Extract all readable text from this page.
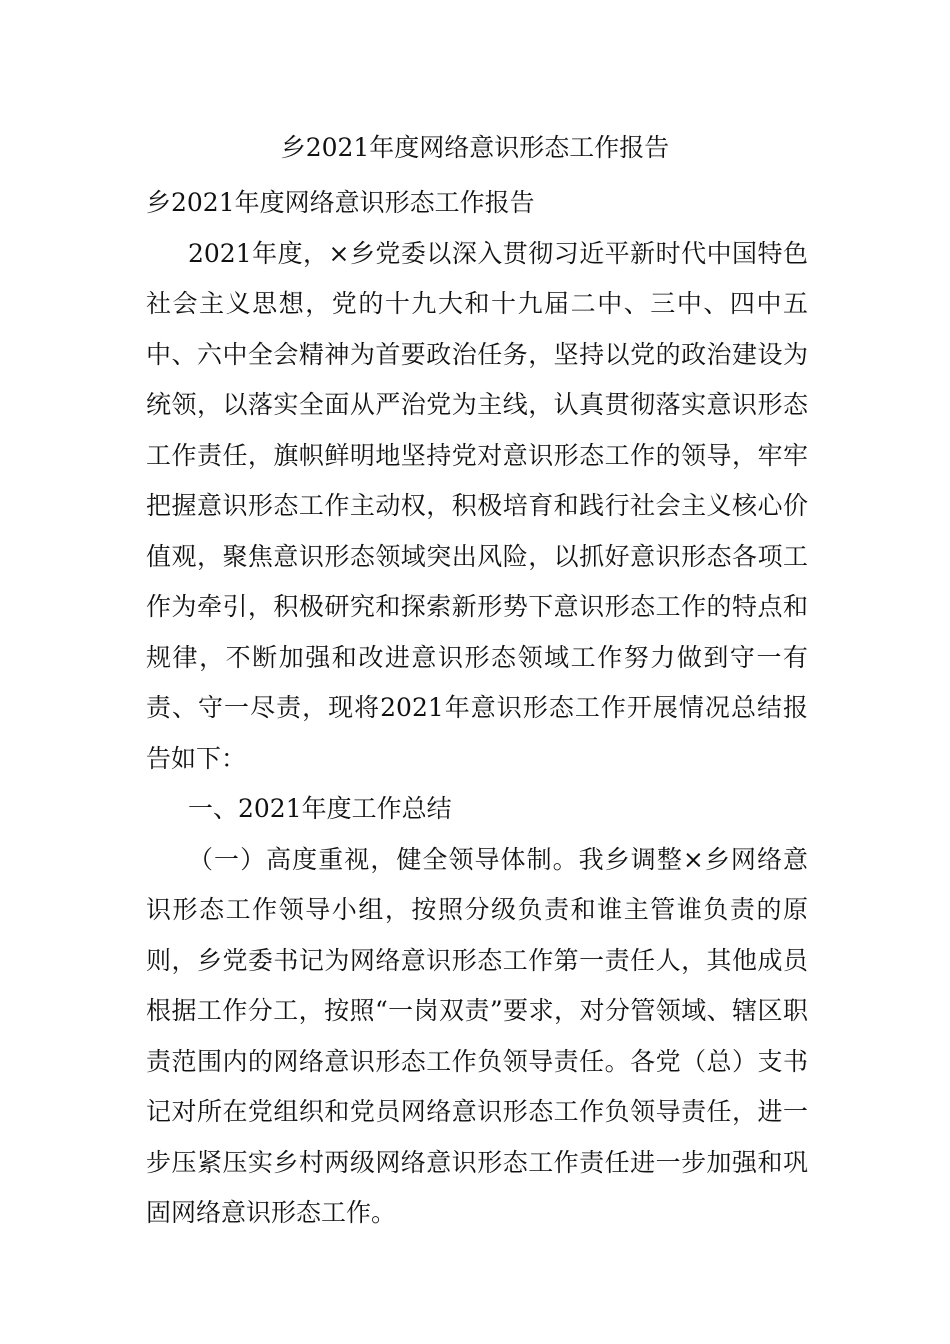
乡2021年度网络意识形态工作报告

乡2021年度网络意识形态工作报告

2021年度，×乡党委以深入贯彻习近平新时代中国特色社会主义思想，党的十九大和十九届二中、三中、四中五中、六中全会精神为首要政治任务，坚持以党的政治建设为统领，以落实全面从严治党为主线，认真贯彻落实意识形态工作责任，旗帜鲜明地坚持党对意识形态工作的领导，牢牢把握意识形态工作主动权，积极培育和践行社会主义核心价值观，聚焦意识形态领域突出风险，以抓好意识形态各项工作为牵引，积极研究和探索新形势下意识形态工作的特点和规律，不断加强和改进意识形态领域工作努力做到守一有责、守一尽责，现将2021年意识形态工作开展情况总结报告如下：

一、2021年度工作总结

（一）高度重视，健全领导体制。我乡调整×乡网络意识形态工作领导小组，按照分级负责和谁主管谁负责的原则，乡党委书记为网络意识形态工作第一责任人，其他成员根据工作分工，按照“一岗双责”要求，对分管领域、辖区职责范围内的网络意识形态工作负领导责任。各党（总）支书记对所在党组织和党员网络意识形态工作负领导责任，进一步压紧压实乡村两级网络意识形态工作责任进一步加强和巩固网络意识形态工作。
